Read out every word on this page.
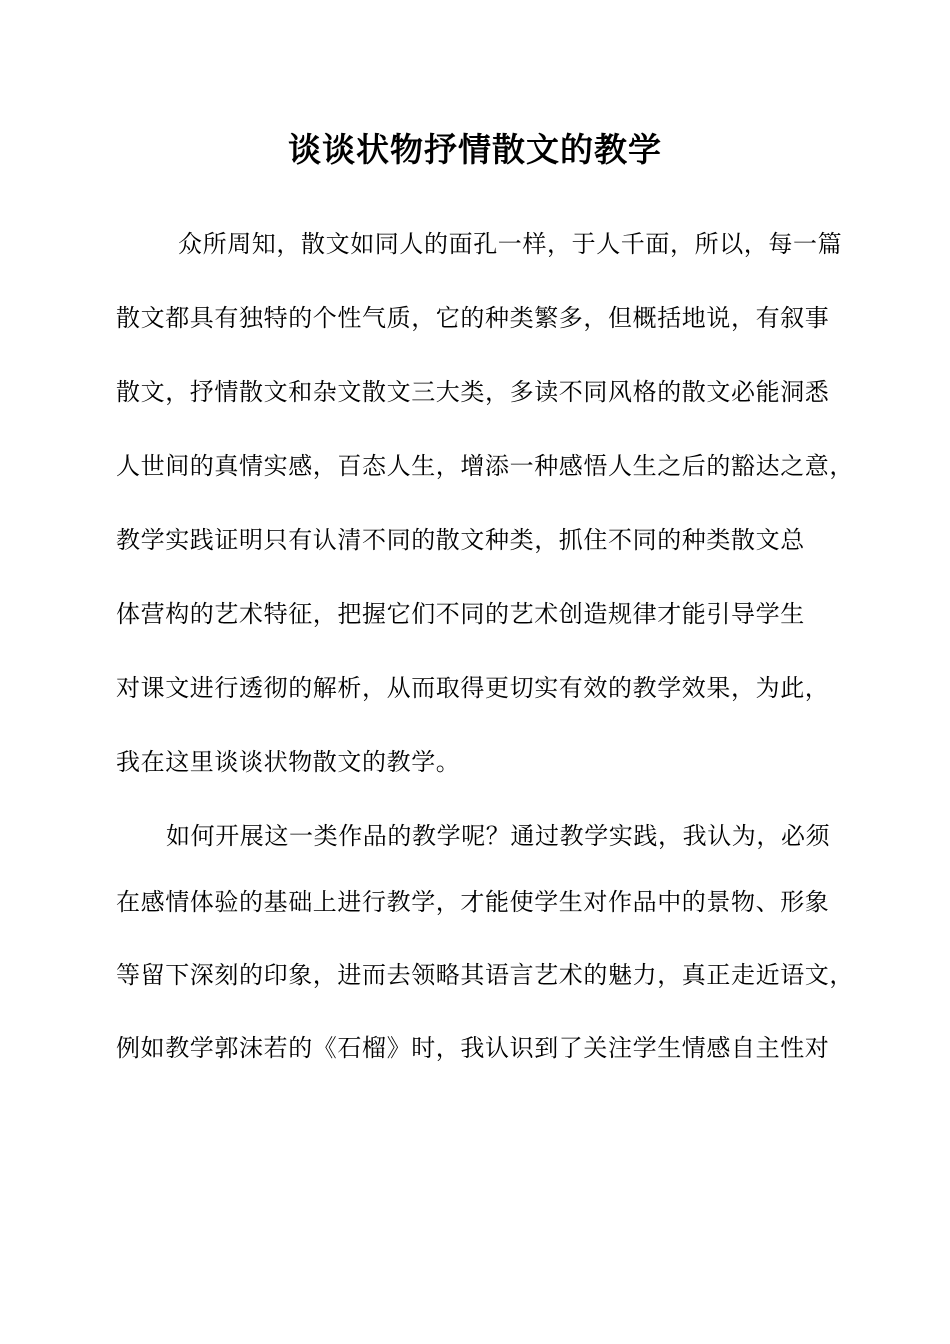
谈谈状物抒情散文的教学
众所周知，散文如同人的面孔一样，于人千面，所以，每一篇
散文都具有独特的个性气质，它的种类繁多，但概括地说，有叙事
散文，抒情散文和杂文散文三大类，多读不同风格的散文必能洞悉
人世间的真情实感，百态人生，增添一种感悟人生之后的豁达之意，
教学实践证明只有认清不同的散文种类，抓住不同的种类散文总
体营构的艺术特征，把握它们不同的艺术创造规律才能引导学生
对课文进行透彻的解析，从而取得更切实有效的教学效果，为此，
我在这里谈谈状物散文的教学。
如何开展这一类作品的教学呢？通过教学实践，我认为，必须
在感情体验的基础上进行教学，才能使学生对作品中的景物、形象
等留下深刻的印象，进而去领略其语言艺术的魅力，真正走近语文，
例如教学郭沫若的《石榴》时，我认识到了关注学生情感自主性对
